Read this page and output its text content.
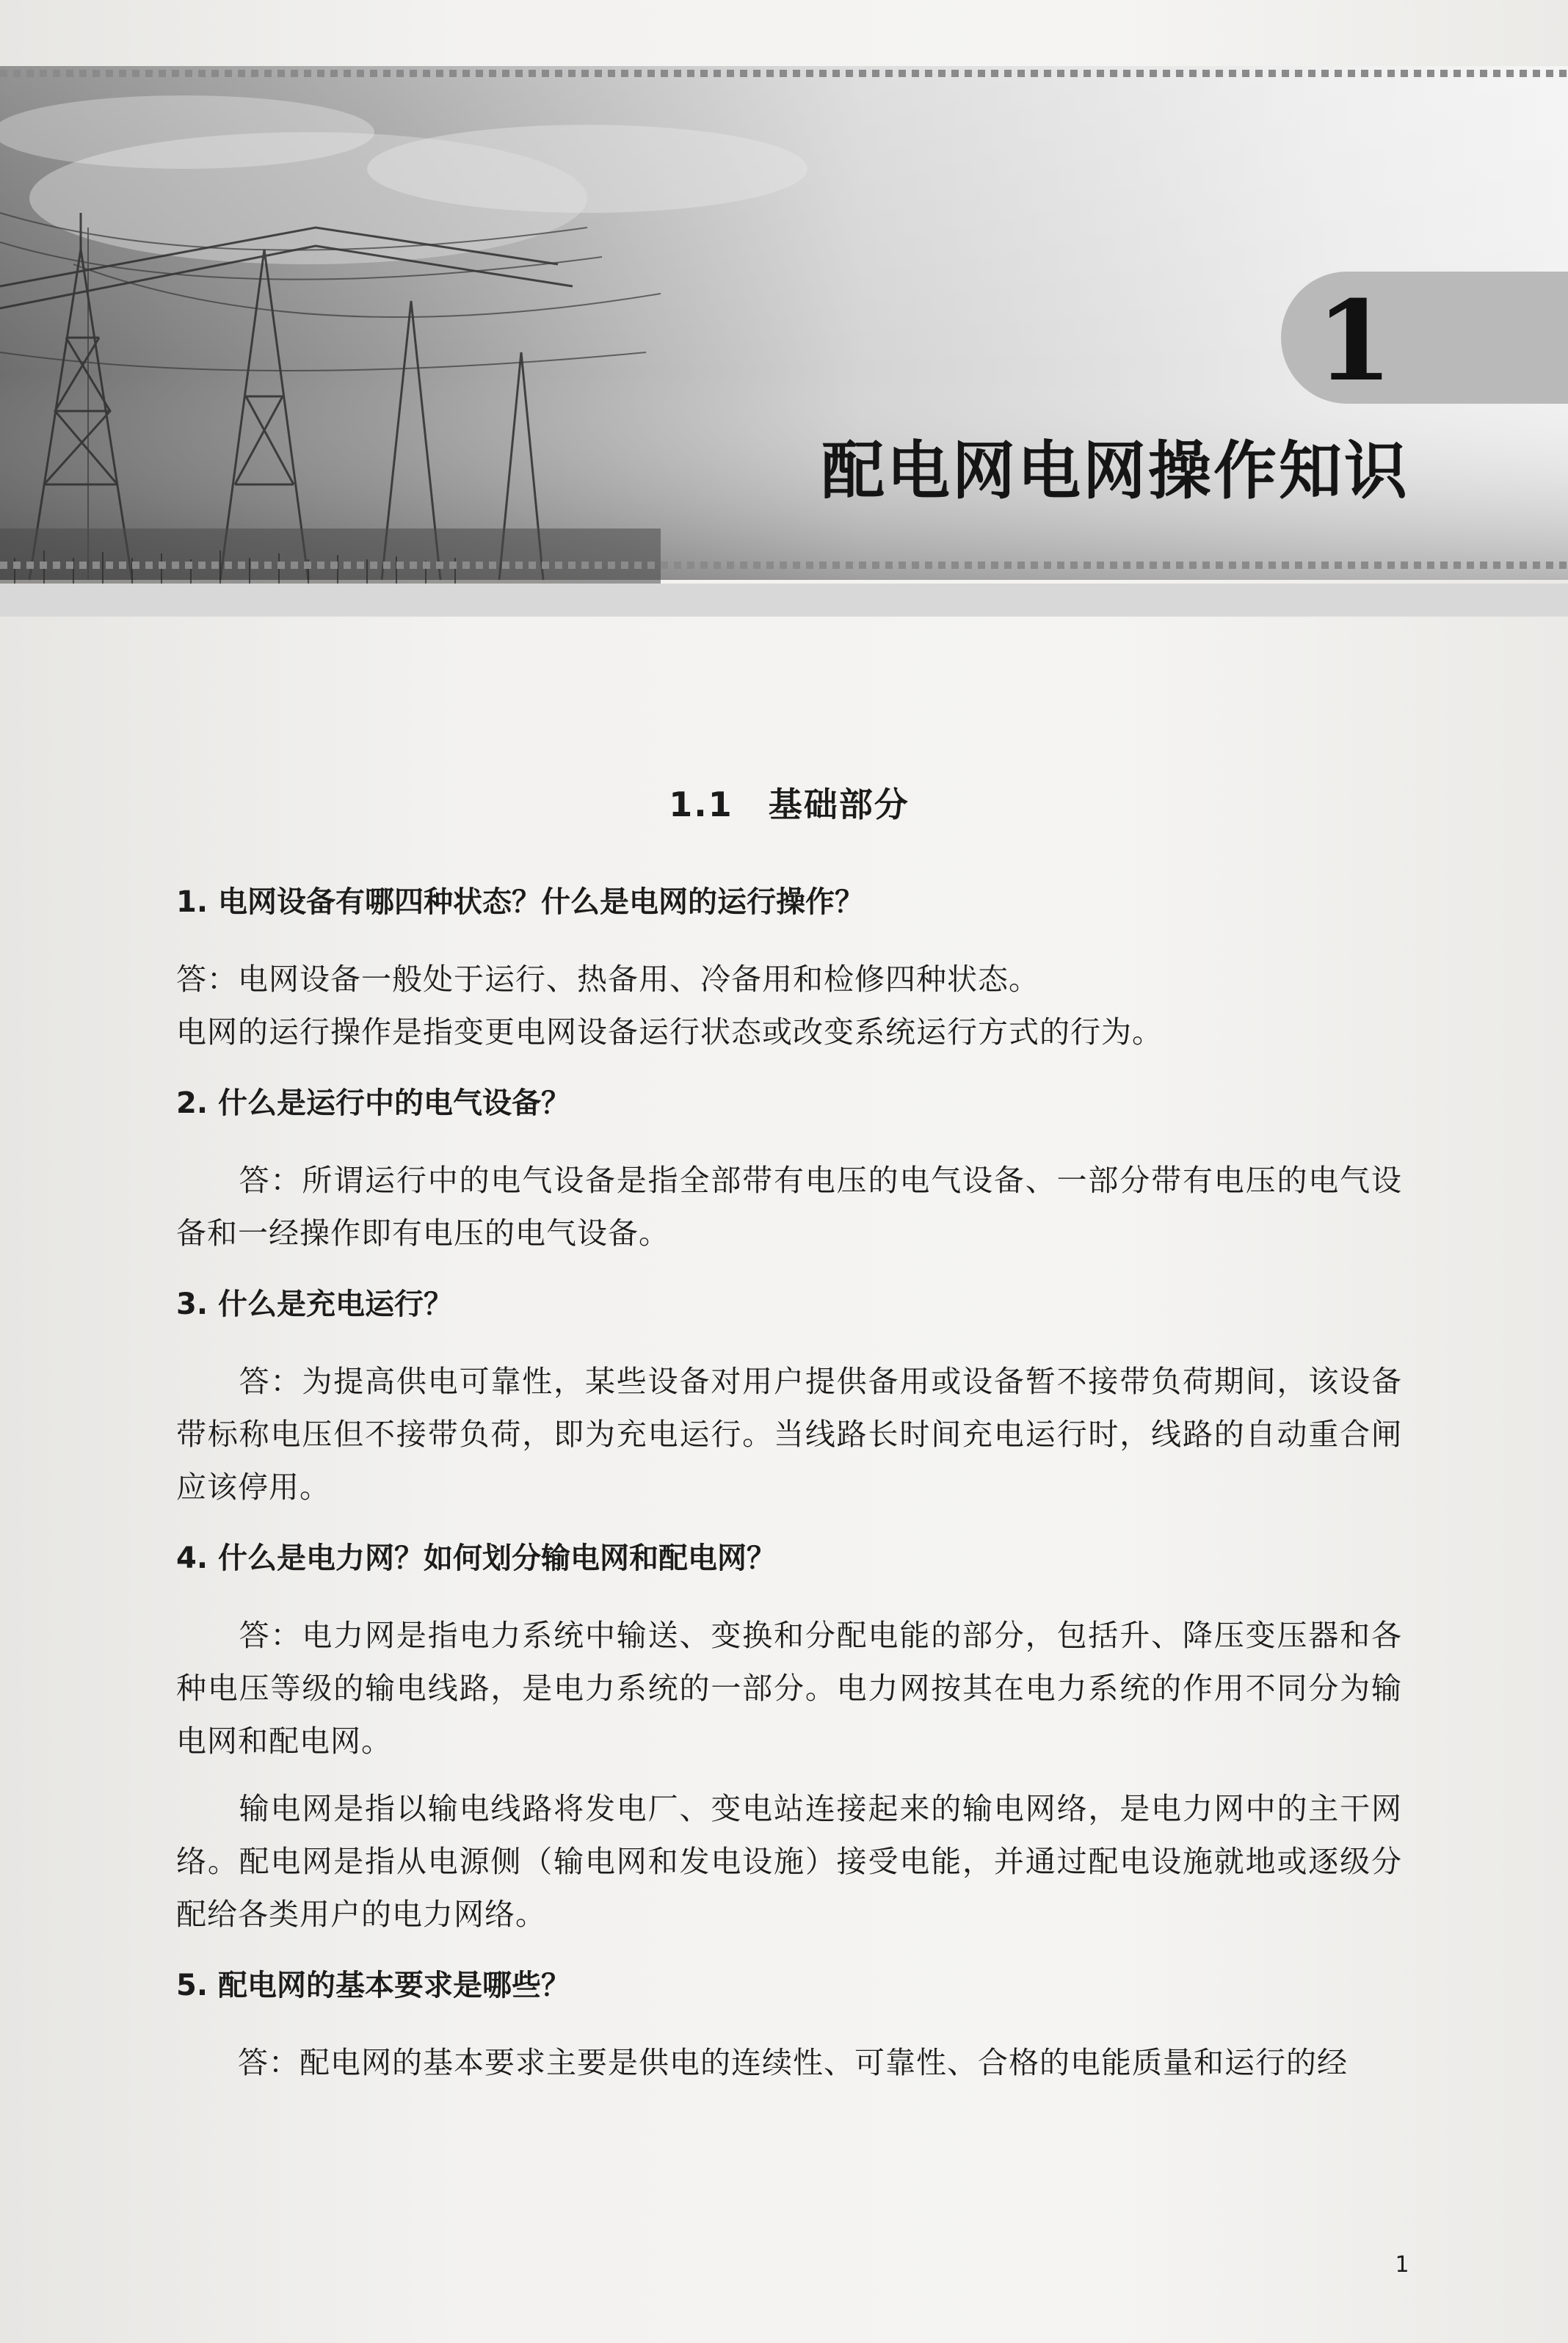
1
配电网电网操作知识
1.1　基础部分

1. 电网设备有哪四种状态？什么是电网的运行操作？

答：电网设备一般处于运行、热备用、冷备用和检修四种状态。

电网的运行操作是指变更电网设备运行状态或改变系统运行方式的行为。

2. 什么是运行中的电气设备？

　　答：所谓运行中的电气设备是指全部带有电压的电气设备、一部分带有电压的电气设备和一经操作即有电压的电气设备。

3. 什么是充电运行？

　　答：为提高供电可靠性，某些设备对用户提供备用或设备暂不接带负荷期间，该设备带标称电压但不接带负荷，即为充电运行。当线路长时间充电运行时，线路的自动重合闸应该停用。

4. 什么是电力网？如何划分输电网和配电网？

　　答：电力网是指电力系统中输送、变换和分配电能的部分，包括升、降压变压器和各种电压等级的输电线路，是电力系统的一部分。电力网按其在电力系统的作用不同分为输电网和配电网。

　　输电网是指以输电线路将发电厂、变电站连接起来的输电网络，是电力网中的主干网络。配电网是指从电源侧（输电网和发电设施）接受电能，并通过配电设施就地或逐级分配给各类用户的电力网络。

5. 配电网的基本要求是哪些？

　　答：配电网的基本要求主要是供电的连续性、可靠性、合格的电能质量和运行的经

1
